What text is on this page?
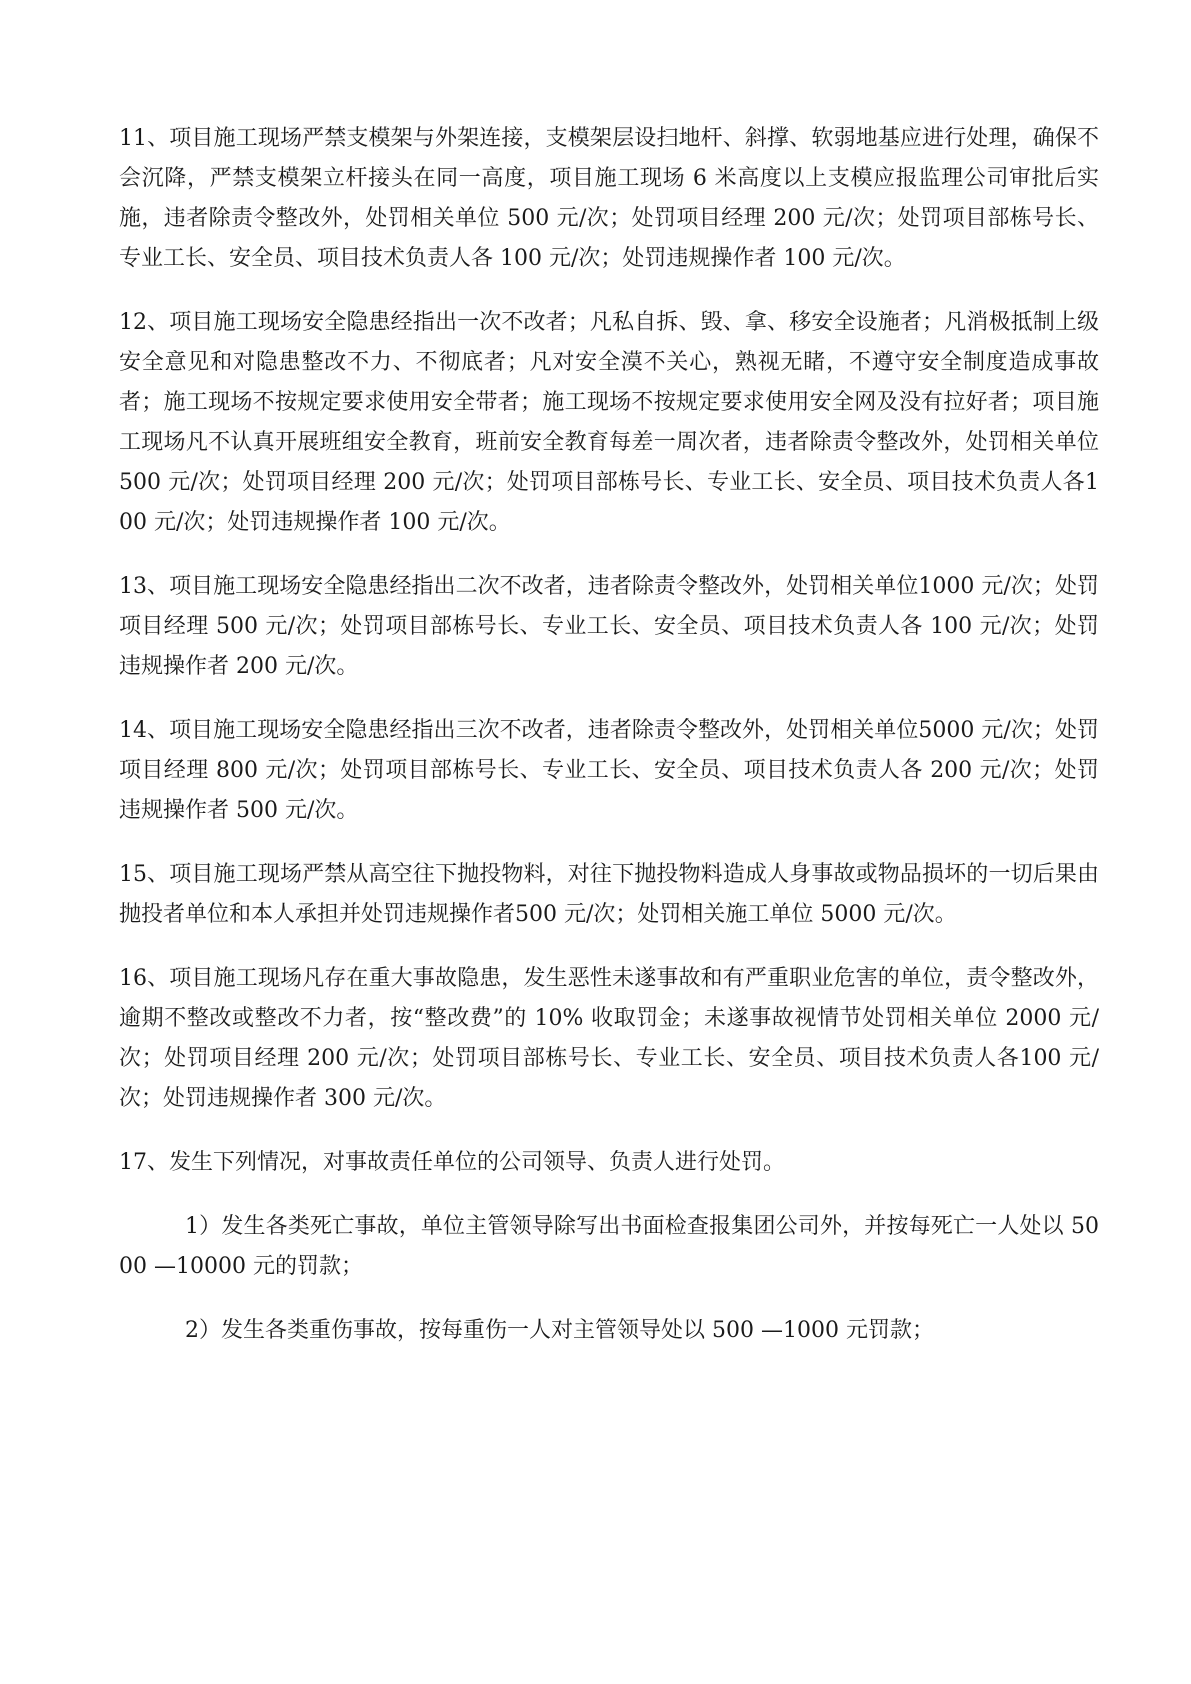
11、项目施工现场严禁支模架与外架连接，支模架层设扫地杆、斜撑、软弱地基应进行处理，确保不会沉降，严禁支模架立杆接头在同一高度，项目施工现场 6 米高度以上支模应报监理公司审批后实施，违者除责令整改外，处罚相关单位 500 元/次；处罚项目经理 200 元/次；处罚项目部栋号长、专业工长、安全员、项目技术负责人各 100 元/次；处罚违规操作者 100 元/次。

12、项目施工现场安全隐患经指出一次不改者；凡私自拆、毁、拿、移安全设施者；凡消极抵制上级安全意见和对隐患整改不力、不彻底者；凡对安全漠不关心，熟视无睹，不遵守安全制度造成事故者；施工现场不按规定要求使用安全带者；施工现场不按规定要求使用安全网及没有拉好者；项目施工现场凡不认真开展班组安全教育，班前安全教育每差一周次者，违者除责令整改外，处罚相关单位500 元/次；处罚项目经理 200 元/次；处罚项目部栋号长、专业工长、安全员、项目技术负责人各100 元/次；处罚违规操作者 100 元/次。

13、项目施工现场安全隐患经指出二次不改者，违者除责令整改外，处罚相关单位1000 元/次；处罚项目经理 500 元/次；处罚项目部栋号长、专业工长、安全员、项目技术负责人各 100 元/次；处罚违规操作者 200 元/次。

14、项目施工现场安全隐患经指出三次不改者，违者除责令整改外，处罚相关单位5000 元/次；处罚项目经理 800 元/次；处罚项目部栋号长、专业工长、安全员、项目技术负责人各 200 元/次；处罚违规操作者 500 元/次。

15、项目施工现场严禁从高空往下抛投物料，对往下抛投物料造成人身事故或物品损坏的一切后果由抛投者单位和本人承担并处罚违规操作者500 元/次；处罚相关施工单位 5000 元/次。

16、项目施工现场凡存在重大事故隐患，发生恶性未遂事故和有严重职业危害的单位，责令整改外，逾期不整改或整改不力者，按“整改费”的 10% 收取罚金；未遂事故视情节处罚相关单位 2000 元/次；处罚项目经理 200 元/次；处罚项目部栋号长、专业工长、安全员、项目技术负责人各100 元/次；处罚违规操作者 300 元/次。

17、发生下列情况，对事故责任单位的公司领导、负责人进行处罚。

1）发生各类死亡事故，单位主管领导除写出书面检查报集团公司外，并按每死亡一人处以 5000 —10000 元的罚款；

2）发生各类重伤事故，按每重伤一人对主管领导处以 500 —1000 元罚款；
